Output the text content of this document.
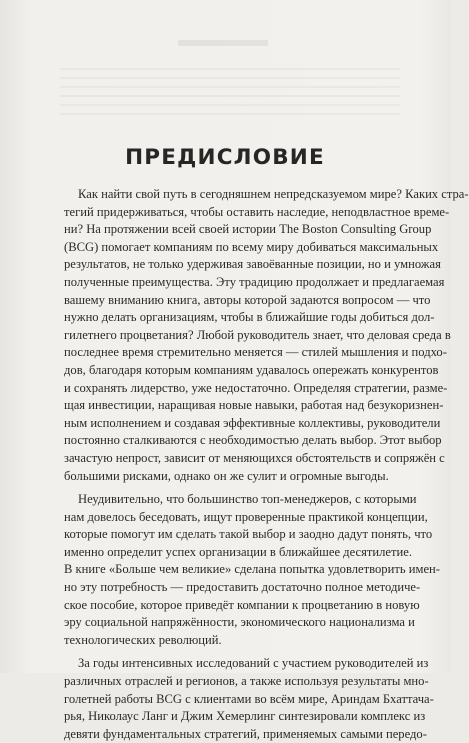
ПРЕДИСЛОВИЕ
Как найти свой путь в сегодняшнем непредсказуемом мире? Каких стра-
тегий придерживаться, чтобы оставить наследие, неподвластное време-
ни? На протяжении всей своей истории The Boston Consulting Group
(BCG) помогает компаниям по всему миру добиваться максимальных
результатов, не только удерживая завоёванные позиции, но и умножая
полученные преимущества. Эту традицию продолжает и предлагаемая
вашему вниманию книга, авторы которой задаются вопросом — что
нужно делать организациям, чтобы в ближайшие годы добиться дол-
гилетнего процветания? Любой руководитель знает, что деловая среда в
последнее время стремительно меняется — стилей мышления и подхо-
дов, благодаря которым компаниям удавалось опережать конкурентов
и сохранять лидерство, уже недостаточно. Определяя стратегии, разме-
щая инвестиции, наращивая новые навыки, работая над безукоризнен-
ным исполнением и создавая эффективные коллективы, руководители
постоянно сталкиваются с необходимостью делать выбор. Этот выбор
зачастую непрост, зависит от меняющихся обстоятельств и сопряжён с
большими рисками, однако он же сулит и огромные выгоды.
Неудивительно, что большинство топ-менеджеров, с которыми
нам довелось беседовать, ищут проверенные практикой концепции,
которые помогут им сделать такой выбор и заодно дадут понять, что
именно определит успех организации в ближайшее десятилетие.
В книге «Больше чем великие» сделана попытка удовлетворить имен-
но эту потребность — предоставить достаточно полное методиче-
ское пособие, которое приведёт компании к процветанию в новую
эру социальной напряжённости, экономического национализма и
технологических революций.
За годы интенсивных исследований с участием руководителей из
различных отраслей и регионов, а также используя результаты мно-
голетней работы BCG с клиентами во всём мире, Ариндам Бхаттача-
рья, Николаус Ланг и Джим Хемерлинг синтезировали комплекс из
девяти фундаментальных стратегий, применяемых самыми передо-
